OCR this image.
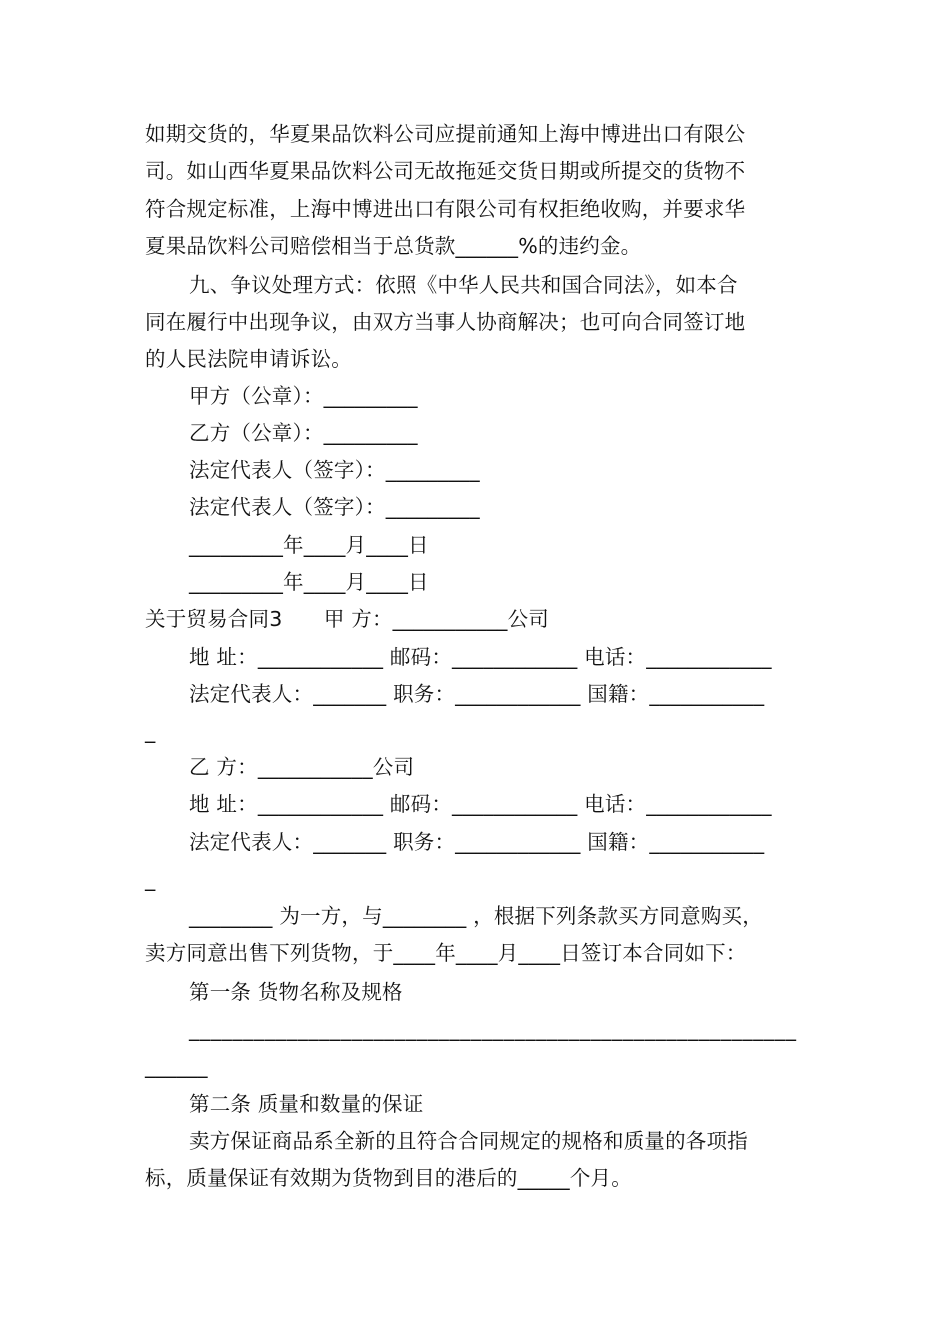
如期交货的，华夏果品饮料公司应提前通知上海中博进出口有限公
司。如山西华夏果品饮料公司无故拖延交货日期或所提交的货物不
符合规定标准，上海中博进出口有限公司有权拒绝收购，并要求华
夏果品饮料公司赔偿相当于总货款______%的违约金。
九、争议处理方式：依照《中华人民共和国合同法》，如本合
同在履行中出现争议，由双方当事人协商解决；也可向合同签订地
的人民法院申请诉讼。
甲方（公章）：_________
乙方（公章）：_________
法定代表人（签字）：_________
法定代表人（签字）：_________
_________年____月____日
_________年____月____日
关于贸易合同3　　甲 方：___________公司
地 址：____________ 邮码：____________ 电话：____________
法定代表人：_______ 职务：____________ 国籍：___________
_
乙 方：___________公司
地 址：____________ 邮码：____________ 电话：____________
法定代表人：_______ 职务：____________ 国籍：___________
_
________ 为一方，与________ ，根据下列条款买方同意购买，
卖方同意出售下列货物，于____年____月____日签订本合同如下：
第一条 货物名称及规格
________________________________________________________
______
第二条 质量和数量的保证
卖方保证商品系全新的且符合合同规定的规格和质量的各项指
标，质量保证有效期为货物到目的港后的_____个月。
